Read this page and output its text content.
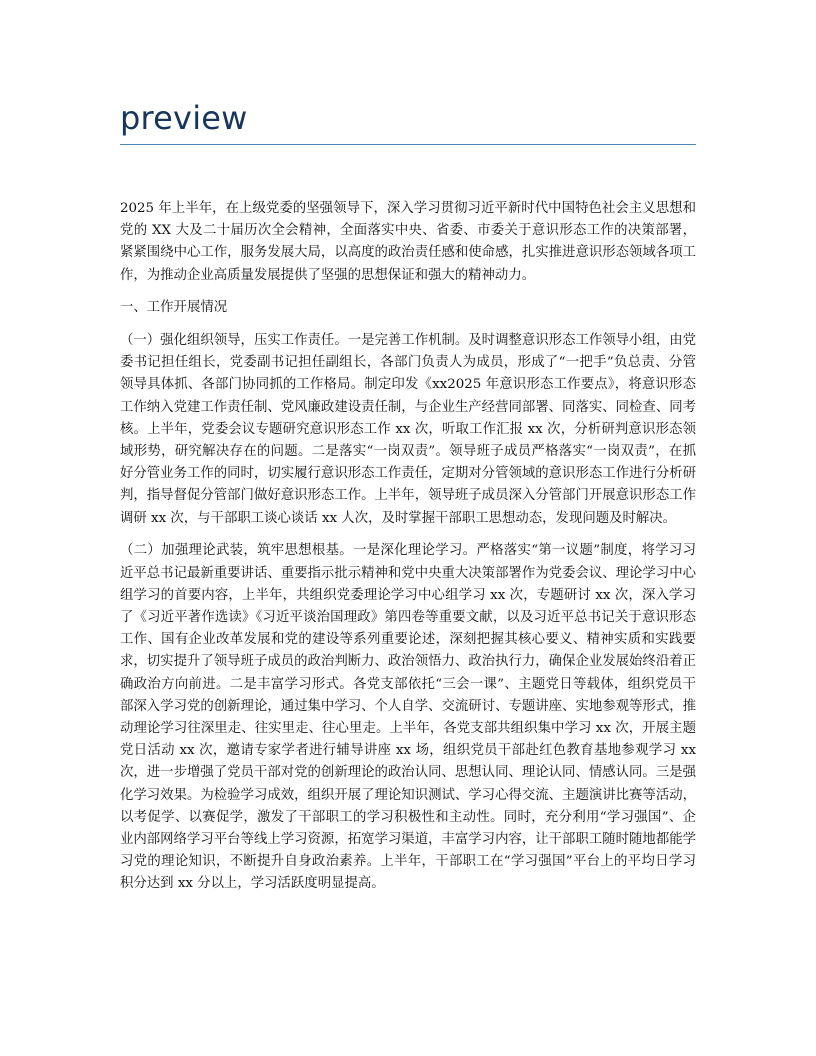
preview

2025 年上半年，在上级党委的坚强领导下，深入学习贯彻习近平新时代中国特色社会主义思想和党的 XX 大及二十届历次全会精神，全面落实中央、省委、市委关于意识形态工作的决策部署，紧紧围绕中心工作，服务发展大局，以高度的政治责任感和使命感，扎实推进意识形态领域各项工作，为推动企业高质量发展提供了坚强的思想保证和强大的精神动力。

一、工作开展情况

（一）强化组织领导，压实工作责任。一是完善工作机制。及时调整意识形态工作领导小组，由党委书记担任组长，党委副书记担任副组长，各部门负责人为成员，形成了“一把手”负总责、分管领导具体抓、各部门协同抓的工作格局。制定印发《xx2025 年意识形态工作要点》，将意识形态工作纳入党建工作责任制、党风廉政建设责任制，与企业生产经营同部署、同落实、同检查、同考核。上半年，党委会议专题研究意识形态工作 xx 次，听取工作汇报 xx 次，分析研判意识形态领域形势，研究解决存在的问题。二是落实“一岗双责”。领导班子成员严格落实“一岗双责”，在抓好分管业务工作的同时，切实履行意识形态工作责任，定期对分管领域的意识形态工作进行分析研判，指导督促分管部门做好意识形态工作。上半年，领导班子成员深入分管部门开展意识形态工作调研 xx 次，与干部职工谈心谈话 xx 人次，及时掌握干部职工思想动态，发现问题及时解决。

（二）加强理论武装，筑牢思想根基。一是深化理论学习。严格落实“第一议题”制度，将学习习近平总书记最新重要讲话、重要指示批示精神和党中央重大决策部署作为党委会议、理论学习中心组学习的首要内容，上半年，共组织党委理论学习中心组学习 xx 次，专题研讨 xx 次，深入学习了《习近平著作选读》《习近平谈治国理政》第四卷等重要文献，以及习近平总书记关于意识形态工作、国有企业改革发展和党的建设等系列重要论述，深刻把握其核心要义、精神实质和实践要求，切实提升了领导班子成员的政治判断力、政治领悟力、政治执行力，确保企业发展始终沿着正确政治方向前进。二是丰富学习形式。各党支部依托“三会一课”、主题党日等载体，组织党员干部深入学习党的创新理论，通过集中学习、个人自学、交流研讨、专题讲座、实地参观等形式，推动理论学习往深里走、往实里走、往心里走。上半年，各党支部共组织集中学习 xx 次，开展主题党日活动 xx 次，邀请专家学者进行辅导讲座 xx 场，组织党员干部赴红色教育基地参观学习 xx 次，进一步增强了党员干部对党的创新理论的政治认同、思想认同、理论认同、情感认同。三是强化学习效果。为检验学习成效，组织开展了理论知识测试、学习心得交流、主题演讲比赛等活动，以考促学、以赛促学，激发了干部职工的学习积极性和主动性。同时，充分利用“学习强国”、企业内部网络学习平台等线上学习资源，拓宽学习渠道，丰富学习内容，让干部职工随时随地都能学习党的理论知识，不断提升自身政治素养。上半年，干部职工在“学习强国”平台上的平均日学习积分达到 xx 分以上，学习活跃度明显提高。
